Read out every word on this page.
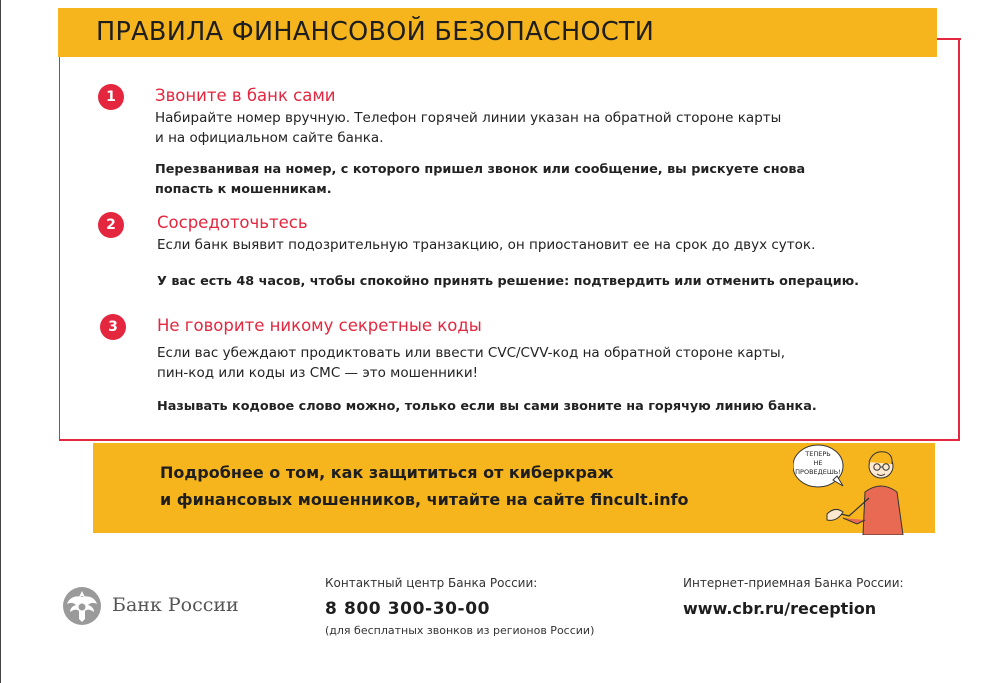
ПРАВИЛА ФИНАНСОВОЙ БЕЗОПАСНОСТИ
1	Звоните в банк сами
Набирайте номер вручную. Телефон горячей линии указан на обратной стороне карты
и на официальном сайте банка.
Перезванивая на номер, с которого пришел звонок или сообщение, вы рискуете снова
попасть к мошенникам.
2	Сосредоточьтесь
Если банк выявит подозрительную транзакцию, он приостановит ее на срок до двух суток.
У вас есть 48 часов, чтобы спокойно принять решение: подтвердить или отменить операцию.
3	Не говорите никому секретные коды
Если вас убеждают продиктовать или ввести CVC/CVV-код на обратной стороне карты,
пин-код или коды из СМС — это мошенники!
Называть кодовое слово можно, только если вы сами звоните на горячую линию банка.
Подробнее о том, как защититься от киберкраж
и финансовых мошенников, читайте на сайте fincult.info
ТЕПЕРЬ
НЕ
ПРОВЕДЕШЬ!
Банк России
Контактный центр Банка России:
8 800 300-30-00
(для бесплатных звонков из регионов России)
Интернет-приемная Банка России:
www.cbr.ru/reception
